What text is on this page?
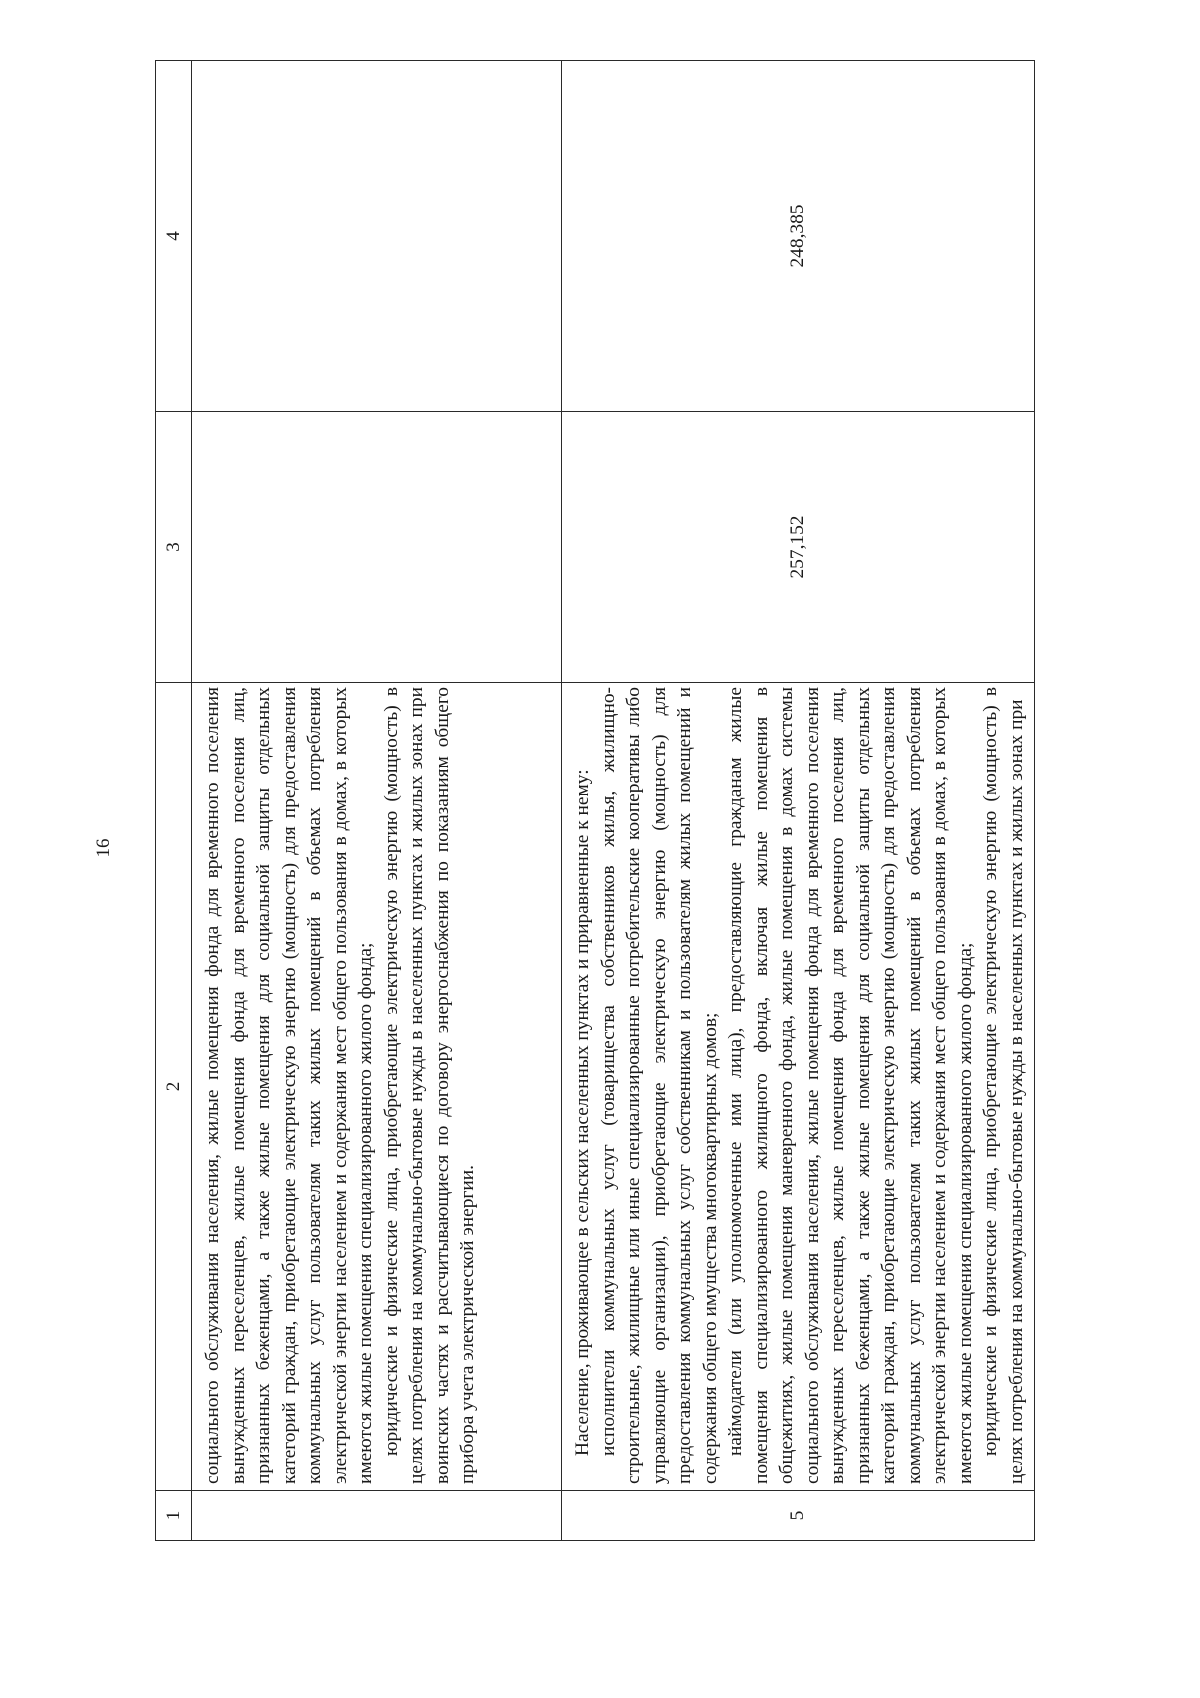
16
1	2	3	4

	социального обслуживания населения, жилые помещения фонда для временного поселения вынужденных переселенцев, жилые помещения фонда для временного поселения лиц, признанных беженцами, а также жилые помещения для социальной защиты отдельных категорий граждан, приобретающие электрическую энергию (мощность) для предоставления коммунальных услуг пользователям таких жилых помещений в объемах потребления электрической энергии населением и содержания мест общего пользования в домах, в которых имеются жилые помещения специализированного жилого фонда; юридические и физические лица, приобретающие электрическую энергию (мощность) в целях потребления на коммунально-бытовые нужды в населенных пунктах и жилых зонах при воинских частях и рассчитывающиеся по договору энергоснабжения по показаниям общего прибора учета электрической энергии.		

5	Население, проживающее в сельских населенных пунктах и приравненные к нему: исполнители коммунальных услуг (товарищества собственников жилья, жилищно-строительные, жилищные или иные специализированные потребительские кооперативы либо управляющие организации), приобретающие электрическую энергию (мощность) для предоставления коммунальных услуг собственникам и пользователям жилых помещений и содержания общего имущества многоквартирных домов; наймодатели (или уполномоченные ими лица), предоставляющие гражданам жилые помещения специализированного жилищного фонда, включая жилые помещения в общежитиях, жилые помещения маневренного фонда, жилые помещения в домах системы социального обслуживания населения, жилые помещения фонда для временного поселения вынужденных переселенцев, жилые помещения фонда для временного поселения лиц, признанных беженцами, а также жилые помещения для социальной защиты отдельных категорий граждан, приобретающие электрическую энергию (мощность) для предоставления коммунальных услуг пользователям таких жилых помещений в объемах потребления электрической энергии населением и содержания мест общего пользования в домах, в которых имеются жилые помещения специализированного жилого фонда; юридические и физические лица, приобретающие электрическую энергию (мощность) в целях потребления на коммунально-бытовые нужды в населенных пунктах и жилых зонах при	257,152	248,385
